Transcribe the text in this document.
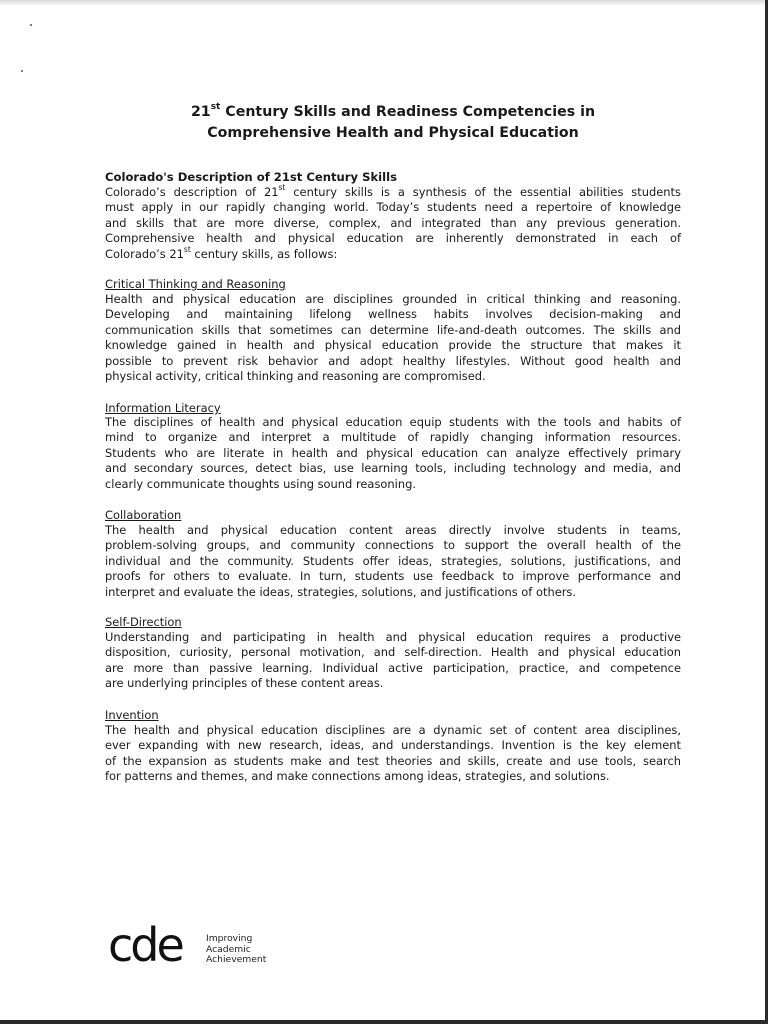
21st Century Skills and Readiness Competencies in
Comprehensive Health and Physical Education
Colorado's Description of 21st Century Skills
Colorado’s description of 21st century skills is a synthesis of the essential abilities students
must apply in our rapidly changing world. Today’s students need a repertoire of knowledge
and skills that are more diverse, complex, and integrated than any previous generation.
Comprehensive health and physical education are inherently demonstrated in each of
Colorado’s 21st century skills, as follows:
Critical Thinking and Reasoning
Health and physical education are disciplines grounded in critical thinking and reasoning.
Developing and maintaining lifelong wellness habits involves decision-making and
communication skills that sometimes can determine life-and-death outcomes. The skills and
knowledge gained in health and physical education provide the structure that makes it
possible to prevent risk behavior and adopt healthy lifestyles. Without good health and
physical activity, critical thinking and reasoning are compromised.
Information Literacy
The disciplines of health and physical education equip students with the tools and habits of
mind to organize and interpret a multitude of rapidly changing information resources.
Students who are literate in health and physical education can analyze effectively primary
and secondary sources, detect bias, use learning tools, including technology and media, and
clearly communicate thoughts using sound reasoning.
Collaboration
The health and physical education content areas directly involve students in teams,
problem-solving groups, and community connections to support the overall health of the
individual and the community. Students offer ideas, strategies, solutions, justifications, and
proofs for others to evaluate. In turn, students use feedback to improve performance and
interpret and evaluate the ideas, strategies, solutions, and justifications of others.
Self-Direction
Understanding and participating in health and physical education requires a productive
disposition, curiosity, personal motivation, and self-direction. Health and physical education
are more than passive learning. Individual active participation, practice, and competence
are underlying principles of these content areas.
Invention
The health and physical education disciplines are a dynamic set of content area disciplines,
ever expanding with new research, ideas, and understandings. Invention is the key element
of the expansion as students make and test theories and skills, create and use tools, search
for patterns and themes, and make connections among ideas, strategies, and solutions.
cde	Improving
Academic
Achievement
